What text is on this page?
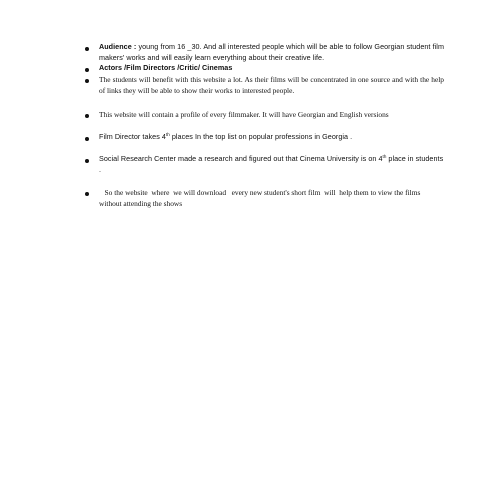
Audience : young from 16 _30. And all interested people which will be able to follow Georgian student film makers' works and will easily learn everything about their creative life.
Actors /Film Directors /Critic/ Cinemas
The students will benefit with this website a lot. As their films will be concentrated in one source and with the help of links they will be able to show their works to interested people.
This website will contain a profile of every filmmaker. It will have Georgian and English versions
Film Director takes 4th places In the top list on popular professions in Georgia .
Social Research Center made a research and figured out that Cinema University is on 4th place in students .
So the website  where  we will download   every new student's short film  will  help them to view the films without attending the shows
